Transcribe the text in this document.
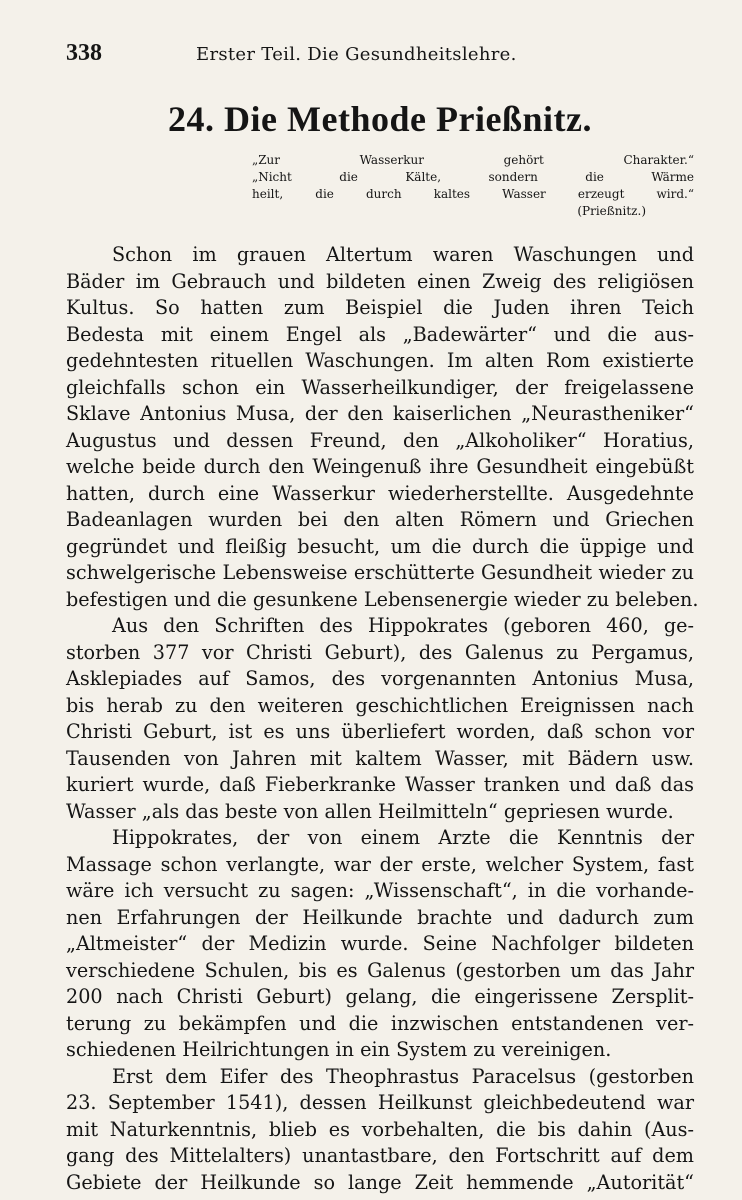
338	Erster Teil. Die Gesundheitslehre.
24. Die Methode Prießnitz.
„Zur Wasserkur gehört Charakter.“
„Nicht die Kälte, sondern die Wärme
heilt, die durch kaltes Wasser erzeugt wird.“
(Prießnitz.)
Schon im grauen Altertum waren Waschungen und
Bäder im Gebrauch und bildeten einen Zweig des religiösen
Kultus. So hatten zum Beispiel die Juden ihren Teich
Bedesta mit einem Engel als „Badewärter“ und die aus-
gedehntesten rituellen Waschungen. Im alten Rom existierte
gleichfalls schon ein Wasserheilkundiger, der freigelassene
Sklave Antonius Musa, der den kaiserlichen „Neurastheniker“
Augustus und dessen Freund, den „Alkoholiker“ Horatius,
welche beide durch den Weingenuß ihre Gesundheit eingebüßt
hatten, durch eine Wasserkur wiederherstellte. Ausgedehnte
Badeanlagen wurden bei den alten Römern und Griechen
gegründet und fleißig besucht, um die durch die üppige und
schwelgerische Lebensweise erschütterte Gesundheit wieder zu
befestigen und die gesunkene Lebensenergie wieder zu beleben.
Aus den Schriften des Hippokrates (geboren 460, ge-
storben 377 vor Christi Geburt), des Galenus zu Pergamus,
Asklepiades auf Samos, des vorgenannten Antonius Musa,
bis herab zu den weiteren geschichtlichen Ereignissen nach
Christi Geburt, ist es uns überliefert worden, daß schon vor
Tausenden von Jahren mit kaltem Wasser, mit Bädern usw.
kuriert wurde, daß Fieberkranke Wasser tranken und daß das
Wasser „als das beste von allen Heilmitteln“ gepriesen wurde.
Hippokrates, der von einem Arzte die Kenntnis der
Massage schon verlangte, war der erste, welcher System, fast
wäre ich versucht zu sagen: „Wissenschaft“, in die vorhande-
nen Erfahrungen der Heilkunde brachte und dadurch zum
„Altmeister“ der Medizin wurde. Seine Nachfolger bildeten
verschiedene Schulen, bis es Galenus (gestorben um das Jahr
200 nach Christi Geburt) gelang, die eingerissene Zersplit-
terung zu bekämpfen und die inzwischen entstandenen ver-
schiedenen Heilrichtungen in ein System zu vereinigen.
Erst dem Eifer des Theophrastus Paracelsus (gestorben
23. September 1541), dessen Heilkunst gleichbedeutend war
mit Naturkenntnis, blieb es vorbehalten, die bis dahin (Aus-
gang des Mittelalters) unantastbare, den Fortschritt auf dem
Gebiete der Heilkunde so lange Zeit hemmende „Autorität“
